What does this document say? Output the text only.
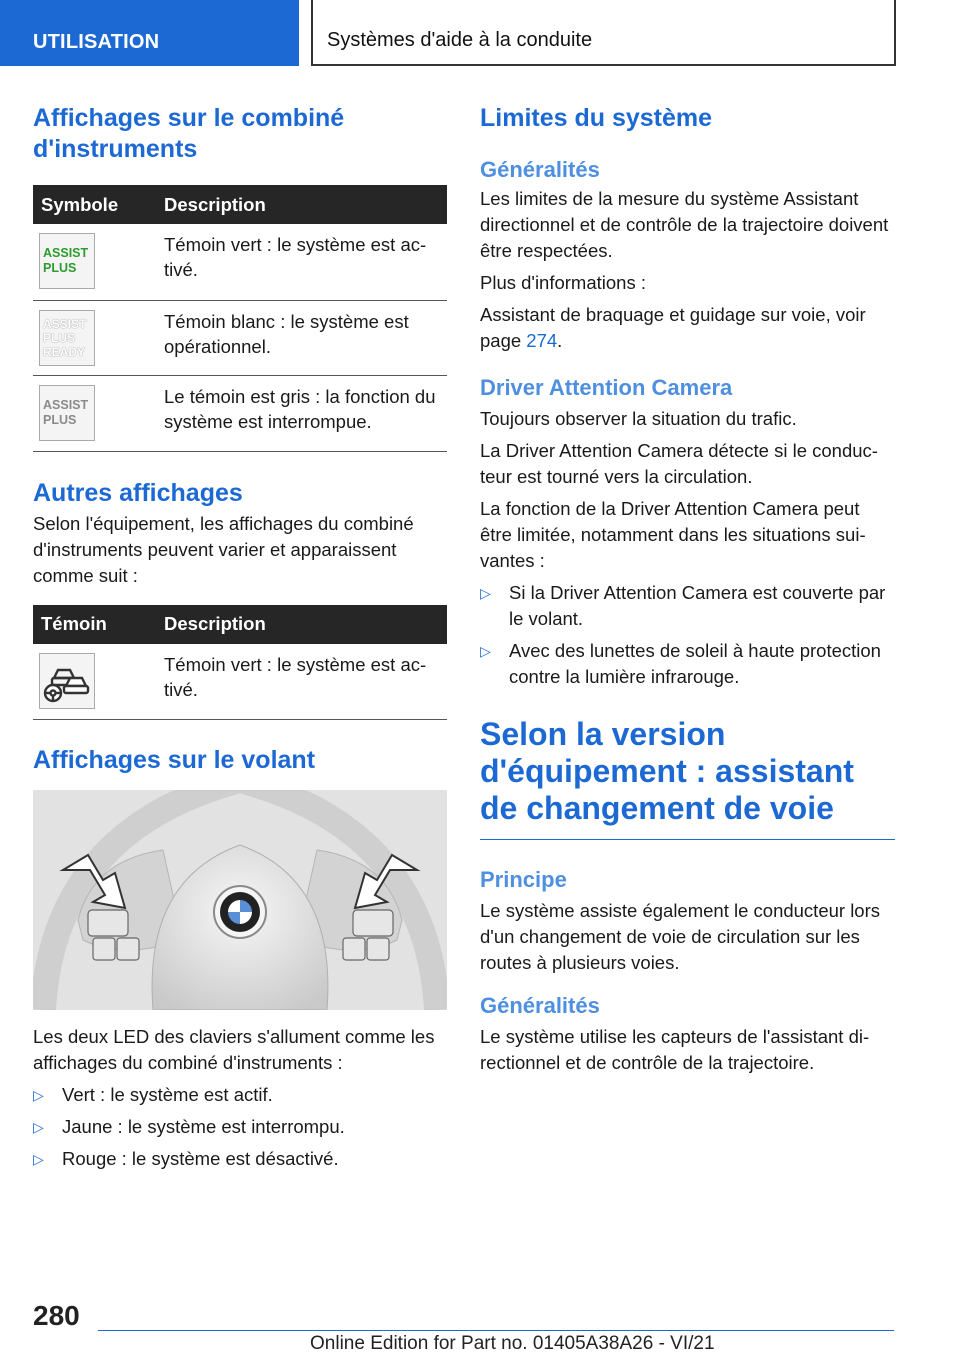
UTILISATION	Systèmes d'aide à la conduite
Affichages sur le combiné d'instruments
Symbole	Description

ASSIST
PLUS	Témoin vert : le système est activé.

ASSIST
PLUS
READY	Témoin blanc : le système est opérationnel.

ASSIST
PLUS	Le témoin est gris : la fonction du système est interrompue.
Autres affichages

Selon l'équipement, les affichages du combiné d'instruments peuvent varier et apparaissent comme suit :

Témoin	Description

	Témoin vert : le système est activé.
Affichages sur le volant

Les deux LED des claviers s'allument comme les affichages du combiné d'instruments :

▷ Vert : le système est actif.
▷ Jaune : le système est interrompu.
▷ Rouge : le système est désactivé.
Limites du système
Généralités

Les limites de la mesure du système Assistant directionnel et de contrôle de la trajectoire doivent être respectées.

Plus d'informations :

Assistant de braquage et guidage sur voie, voir page 274.

Driver Attention Camera

Toujours observer la situation du trafic.

La Driver Attention Camera détecte si le conducteur est tourné vers la circulation.

La fonction de la Driver Attention Camera peut être limitée, notamment dans les situations suivantes :

▷ Si la Driver Attention Camera est couverte par le volant.
▷ Avec des lunettes de soleil à haute protection contre la lumière infrarouge.
Selon la version d'équipement : assistant de changement de voie
Principe

Le système assiste également le conducteur lors d'un changement de voie de circulation sur les routes à plusieurs voies.

Généralités

Le système utilise les capteurs de l'assistant directionnel et de contrôle de la trajectoire.

280
Online Edition for Part no. 01405A38A26 - VI/21
